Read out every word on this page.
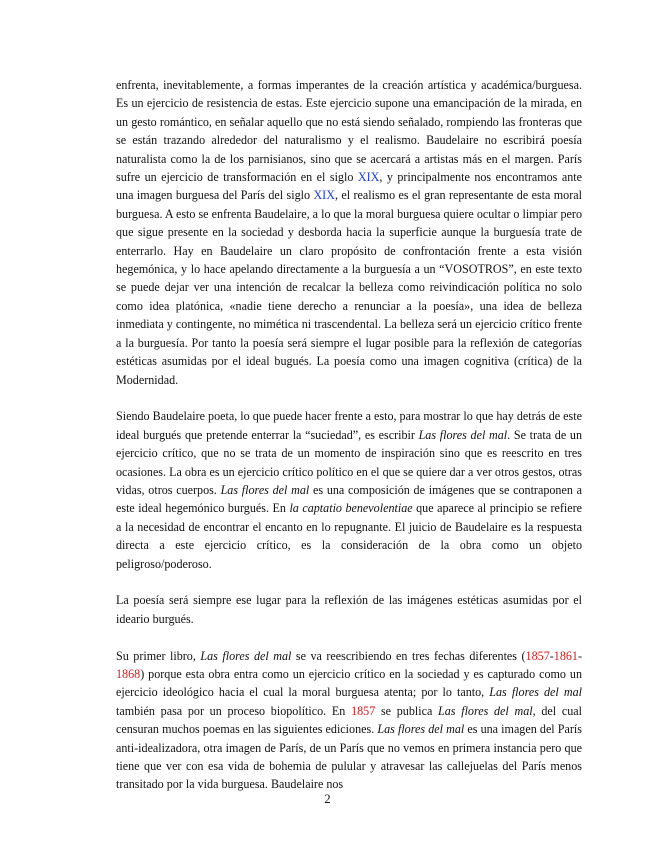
enfrenta, inevitablemente, a formas imperantes de la creación artística y académica/burguesa. Es un ejercicio de resistencia de estas. Este ejercicio supone una emancipación de la mirada, en un gesto romántico, en señalar aquello que no está siendo señalado, rompiendo las fronteras que se están trazando alrededor del naturalismo y el realismo. Baudelaire no escribirá poesía naturalista como la de los parnisianos, sino que se acercará a artistas más en el margen. París sufre un ejercicio de transformación en el siglo XIX, y principalmente nos encontramos ante una imagen burguesa del París del siglo XIX, el realismo es el gran representante de esta moral burguesa. A esto se enfrenta Baudelaire, a lo que la moral burguesa quiere ocultar o limpiar pero que sigue presente en la sociedad y desborda hacia la superficie aunque la burguesía trate de enterrarlo. Hay en Baudelaire un claro propósito de confrontación frente a esta visión hegemónica, y lo hace apelando directamente a la burguesía a un “VOSOTROS”, en este texto se puede dejar ver una intención de recalcar la belleza como reivindicación política no solo como idea platónica, «nadie tiene derecho a renunciar a la poesía», una idea de belleza inmediata y contingente, no mimética ni trascendental. La belleza será un ejercicio crítico frente a la burguesía. Por tanto la poesía será siempre el lugar posible para la reflexión de categorías estéticas asumidas por el ideal bugués. La poesía como una imagen cognitiva (crítica) de la Modernidad.

Siendo Baudelaire poeta, lo que puede hacer frente a esto, para mostrar lo que hay detrás de este ideal burgués que pretende enterrar la “suciedad”, es escribir Las flores del mal. Se trata de un ejercicio crítico, que no se trata de un momento de inspiración sino que es reescrito en tres ocasiones. La obra es un ejercicio crítico político en el que se quiere dar a ver otros gestos, otras vidas, otros cuerpos. Las flores del mal es una composición de imágenes que se contraponen a este ideal hegemónico burgués. En la captatio benevolentiae que aparece al principio se refiere a la necesidad de encontrar el encanto en lo repugnante. El juicio de Baudelaire es la respuesta directa a este ejercicio crítico, es la consideración de la obra como un objeto peligroso/poderoso.

La poesía será siempre ese lugar para la reflexión de las imágenes estéticas asumidas por el ideario burgués.

Su primer libro, Las flores del mal se va reescribiendo en tres fechas diferentes (1857-1861-1868) porque esta obra entra como un ejercicio crítico en la sociedad y es capturado como un ejercicio ideológico hacia el cual la moral burguesa atenta; por lo tanto, Las flores del mal también pasa por un proceso biopolítico. En 1857 se publica Las flores del mal, del cual censuran muchos poemas en las siguientes ediciones. Las flores del mal es una imagen del París anti-idealizadora, otra imagen de París, de un París que no vemos en primera instancia pero que tiene que ver con esa vida de bohemia de pulular y atravesar las callejuelas del París menos transitado por la vida burguesa. Baudelaire nos

2
